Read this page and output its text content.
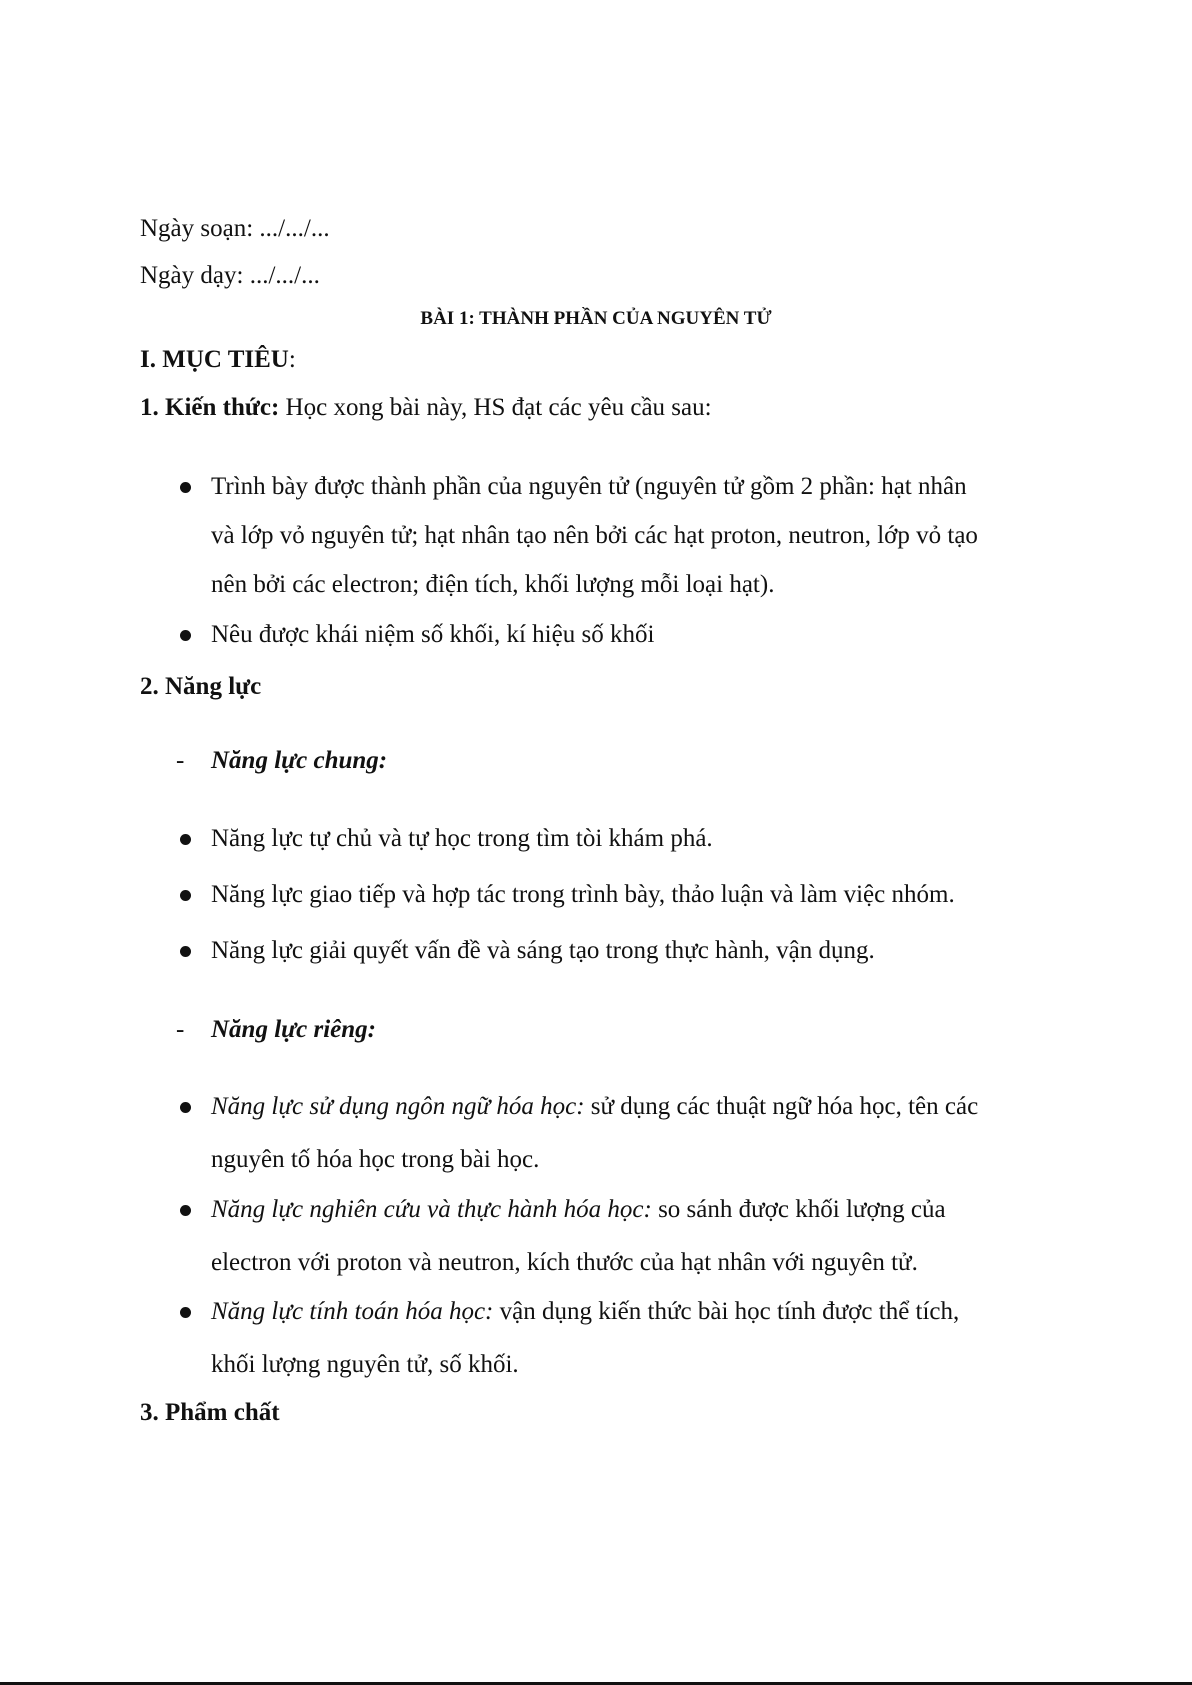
Ngày soạn: .../.../...
Ngày dạy: .../.../...
BÀI 1: THÀNH PHẦN CỦA NGUYÊN TỬ
I. MỤC TIÊU:
1. Kiến thức: Học xong bài này, HS đạt các yêu cầu sau:
Trình bày được thành phần của nguyên tử (nguyên tử gồm 2 phần: hạt nhân
và lớp vỏ nguyên tử; hạt nhân tạo nên bởi các hạt proton, neutron, lớp vỏ tạo
nên bởi các electron; điện tích, khối lượng mỗi loại hạt).
Nêu được khái niệm số khối, kí hiệu số khối
2. Năng lực
- Năng lực chung:
Năng lực tự chủ và tự học trong tìm tòi khám phá.
Năng lực giao tiếp và hợp tác trong trình bày, thảo luận và làm việc nhóm.
Năng lực giải quyết vấn đề và sáng tạo trong thực hành, vận dụng.
- Năng lực riêng:
Năng lực sử dụng ngôn ngữ hóa học: sử dụng các thuật ngữ hóa học, tên các
nguyên tố hóa học trong bài học.
Năng lực nghiên cứu và thực hành hóa học: so sánh được khối lượng của
electron với proton và neutron, kích thước của hạt nhân với nguyên tử.
Năng lực tính toán hóa học: vận dụng kiến thức bài học tính được thể tích,
khối lượng nguyên tử, số khối.
3. Phẩm chất
